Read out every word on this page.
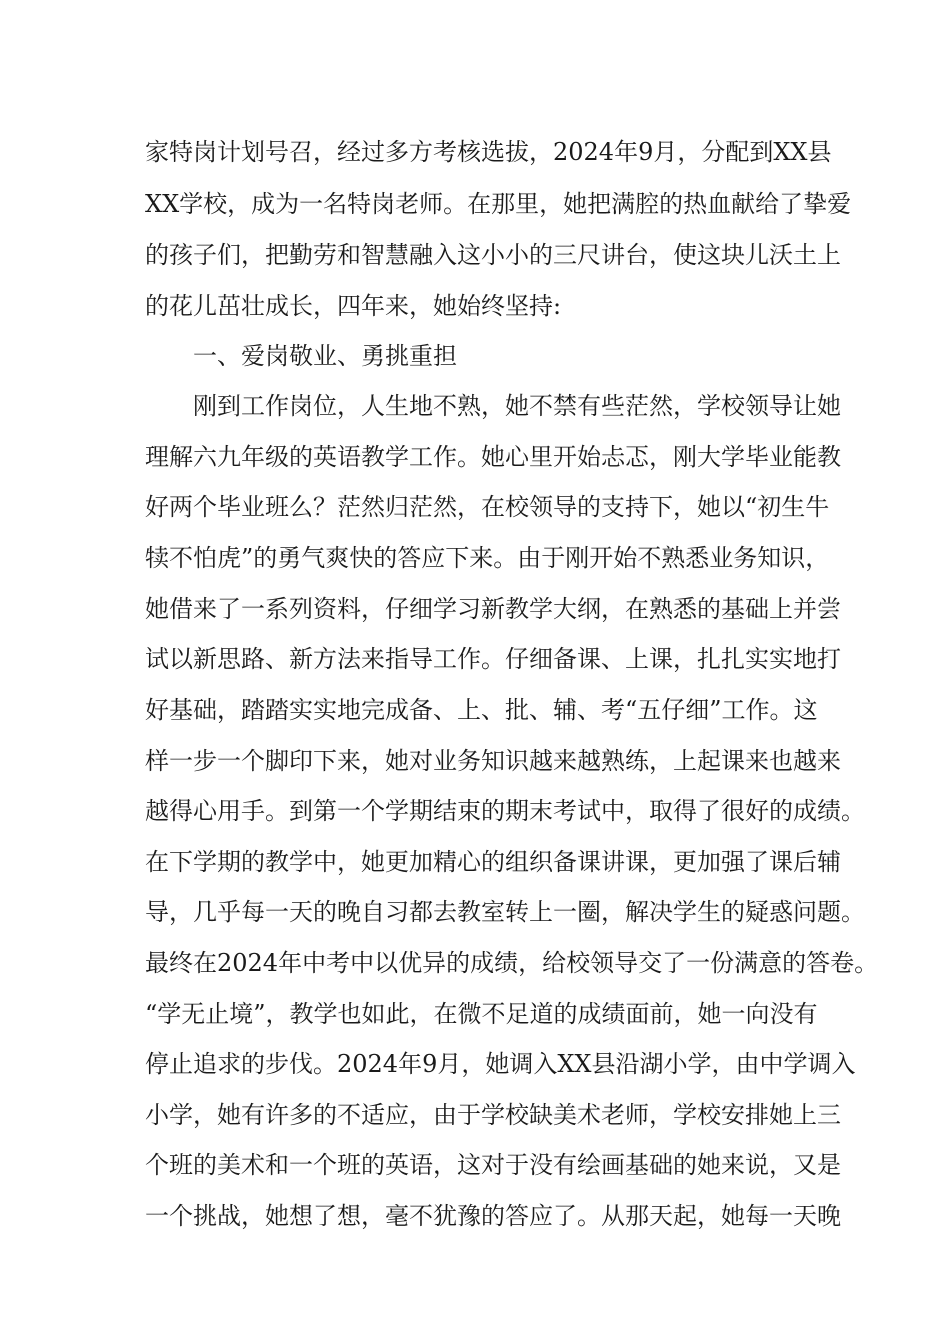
家特岗计划号召，经过多方考核选拔，2024年9月，分配到XX县
XX学校，成为一名特岗老师。在那里，她把满腔的热血献给了挚爱
的孩子们，把勤劳和智慧融入这小小的三尺讲台，使这块儿沃土上
的花儿茁壮成长，四年来，她始终坚持:
一、爱岗敬业、勇挑重担
刚到工作岗位，人生地不熟，她不禁有些茫然，学校领导让她
理解六九年级的英语教学工作。她心里开始忐忑，刚大学毕业能教
好两个毕业班么？茫然归茫然，在校领导的支持下，她以“初生牛
犊不怕虎”的勇气爽快的答应下来。由于刚开始不熟悉业务知识，
她借来了一系列资料，仔细学习新教学大纲，在熟悉的基础上并尝
试以新思路、新方法来指导工作。仔细备课、上课，扎扎实实地打
好基础，踏踏实实地完成备、上、批、辅、考“五仔细”工作。这
样一步一个脚印下来，她对业务知识越来越熟练，上起课来也越来
越得心用手。到第一个学期结束的期末考试中，取得了很好的成绩。
在下学期的教学中，她更加精心的组织备课讲课，更加强了课后辅
导，几乎每一天的晚自习都去教室转上一圈，解决学生的疑惑问题。
最终在2024年中考中以优异的成绩，给校领导交了一份满意的答卷。
“学无止境”，教学也如此，在微不足道的成绩面前，她一向没有
停止追求的步伐。2024年9月，她调入XX县沿湖小学，由中学调入
小学，她有许多的不适应，由于学校缺美术老师，学校安排她上三
个班的美术和一个班的英语，这对于没有绘画基础的她来说，又是
一个挑战，她想了想，毫不犹豫的答应了。从那天起，她每一天晚
